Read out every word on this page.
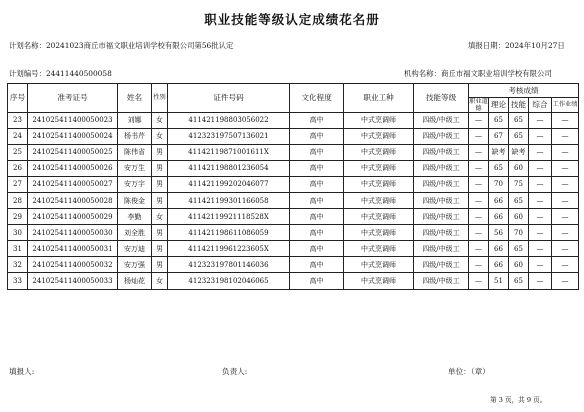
职业技能等级认定成绩花名册
计划名称：20241023商丘市福文职业培训学校有限公司第56批认定	填报日期：2024年10月27日
计划编号：24411440500058	机构名称：商丘市福文职业培训学校有限公司
序号	准考证号	姓名	性别	证件号码	文化程度	职业工种	技能等级	考核成绩				
								职业道德	理论	技能	综合	工作业绩
23	241025411400050023	刘娜	女	411421198803056022	高中	中式烹调师	四级/中级工	—	65	65	—	—
24	241025411400050024	杨书芹	女	412323197507136021	高中	中式烹调师	四级/中级工	—	67	65	—	—
25	241025411400050025	陈伟省	男	41142119871001611X	高中	中式烹调师	四级/中级工	—	缺考	缺考	—	—
26	241025411400050026	安万生	男	411421198801236054	高中	中式烹调师	四级/中级工	—	65	60	—	—
27	241025411400050027	安万宇	男	411421199202046077	高中	中式烹调师	四级/中级工	—	70	75	—	—
28	241025411400050028	陈俊金	男	411421199301166058	高中	中式烹调师	四级/中级工	—	66	65	—	—
29	241025411400050029	李勤	女	41142119921118528X	高中	中式烹调师	四级/中级工	—	66	60	—	—
30	241025411400050030	刘全胜	男	411421198611086059	高中	中式烹调师	四级/中级工	—	56	70	—	—
31	241025411400050031	安万迪	男	41142119961223605X	高中	中式烹调师	四级/中级工	—	66	65	—	—
32	241025411400050032	安万强	男	412323197801146036	高中	中式烹调师	四级/中级工	—	66	60	—	—
33	241025411400050033	杨灿花	女	412323198102046065	高中	中式烹调师	四级/中级工	—	51	65	—	—
填报人:	负责人:	单位：（章）
第 3 页，共 9 页。
